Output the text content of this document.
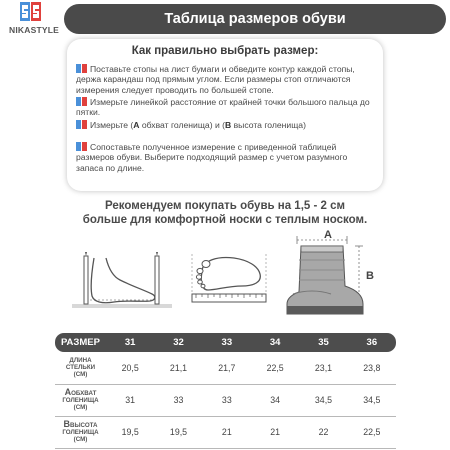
NIKASTYLE
Таблица размеров обуви
Как правильно выбрать размер:
Поставьте стопы на лист бумаги и обведите контур каждой стопы, держа карандаш под прямым углом. Если размеры стоп отличаются измерения следует проводить по большей стопе.
Измерьте линейкой расстояние от крайней точки большого пальца до пятки.
Измерьте (А обхват голенища) и (В высота голенища)
Сопоставьте полученное измерение с приведенной таблицей размеров обуви. Выберите подходящий размер с учетом разумного запаса по длине.
Рекомендуем покупать обувь на 1,5 - 2 см
больше для комфортной носки с теплым носком.
A
B
РАЗМЕР	31	32	33	34	35	36

ДЛИНА
СТЕЛЬКИ
(СМ)	20,5	21,1	21,7	22,5	23,1	23,8

АОБХВАТ
ГОЛЕНИЩА
(СМ)	31	33	33	34	34,5	34,5

ВВЫСОТА
ГОЛЕНИЩА
(СМ)	19,5	19,5	21	21	22	22,5
